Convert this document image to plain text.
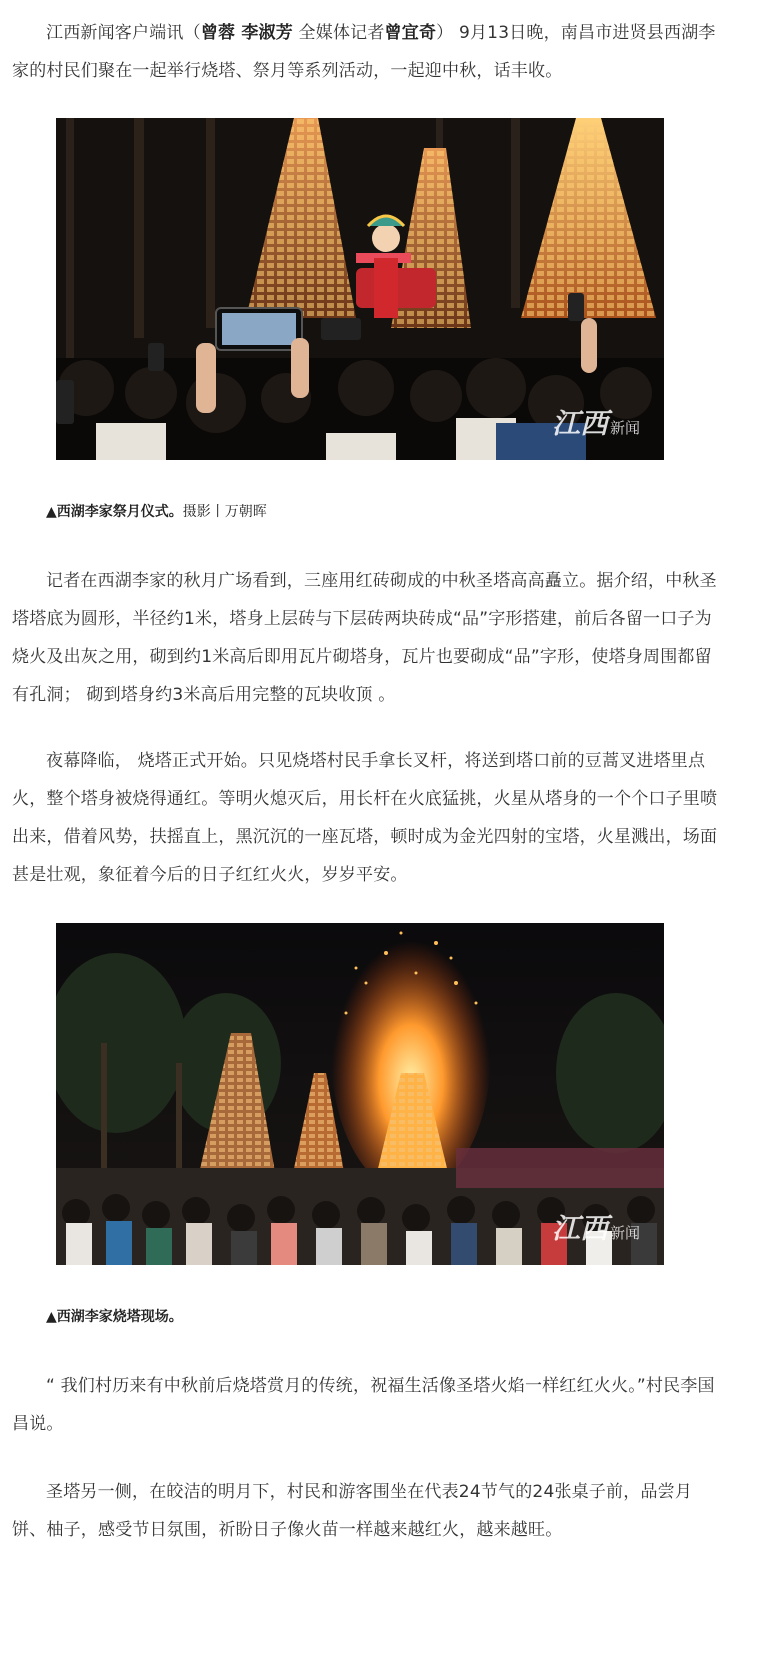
江西新闻客户端讯（曾蓉 李淑芳 全媒体记者曾宜奇） 9月13日晚，南昌市进贤县西湖李家的村民们聚在一起举行烧塔、祭月等系列活动，一起迎中秋，话丰收。

江西 新闻

▲西湖李家祭月仪式。摄影丨万朝晖

记者在西湖李家的秋月广场看到，三座用红砖砌成的中秋圣塔高高矗立。据介绍，中秋圣塔塔底为圆形，半径约1米，塔身上层砖与下层砖两块砖成“品”字形搭建，前后各留一口子为烧火及出灰之用，砌到约1米高后即用瓦片砌塔身，瓦片也要砌成“品”字形，使塔身周围都留有孔洞； 砌到塔身约3米高后用完整的瓦块收顶 。

夜幕降临， 烧塔正式开始。只见烧塔村民手拿长叉杆，将送到塔口前的豆蒿叉进塔里点火，整个塔身被烧得通红。等明火熄灭后，用长杆在火底猛挑，火星从塔身的一个个口子里喷出来，借着风势，扶摇直上，黑沉沉的一座瓦塔，顿时成为金光四射的宝塔，火星溅出，场面甚是壮观，象征着今后的日子红红火火，岁岁平安。

江西 新闻

▲西湖李家烧塔现场。

“ 我们村历来有中秋前后烧塔赏月的传统，祝福生活像圣塔火焰一样红红火火。”村民李国昌说。

圣塔另一侧，在皎洁的明月下，村民和游客围坐在代表24节气的24张桌子前，品尝月饼、柚子，感受节日氛围，祈盼日子像火苗一样越来越红火，越来越旺。
